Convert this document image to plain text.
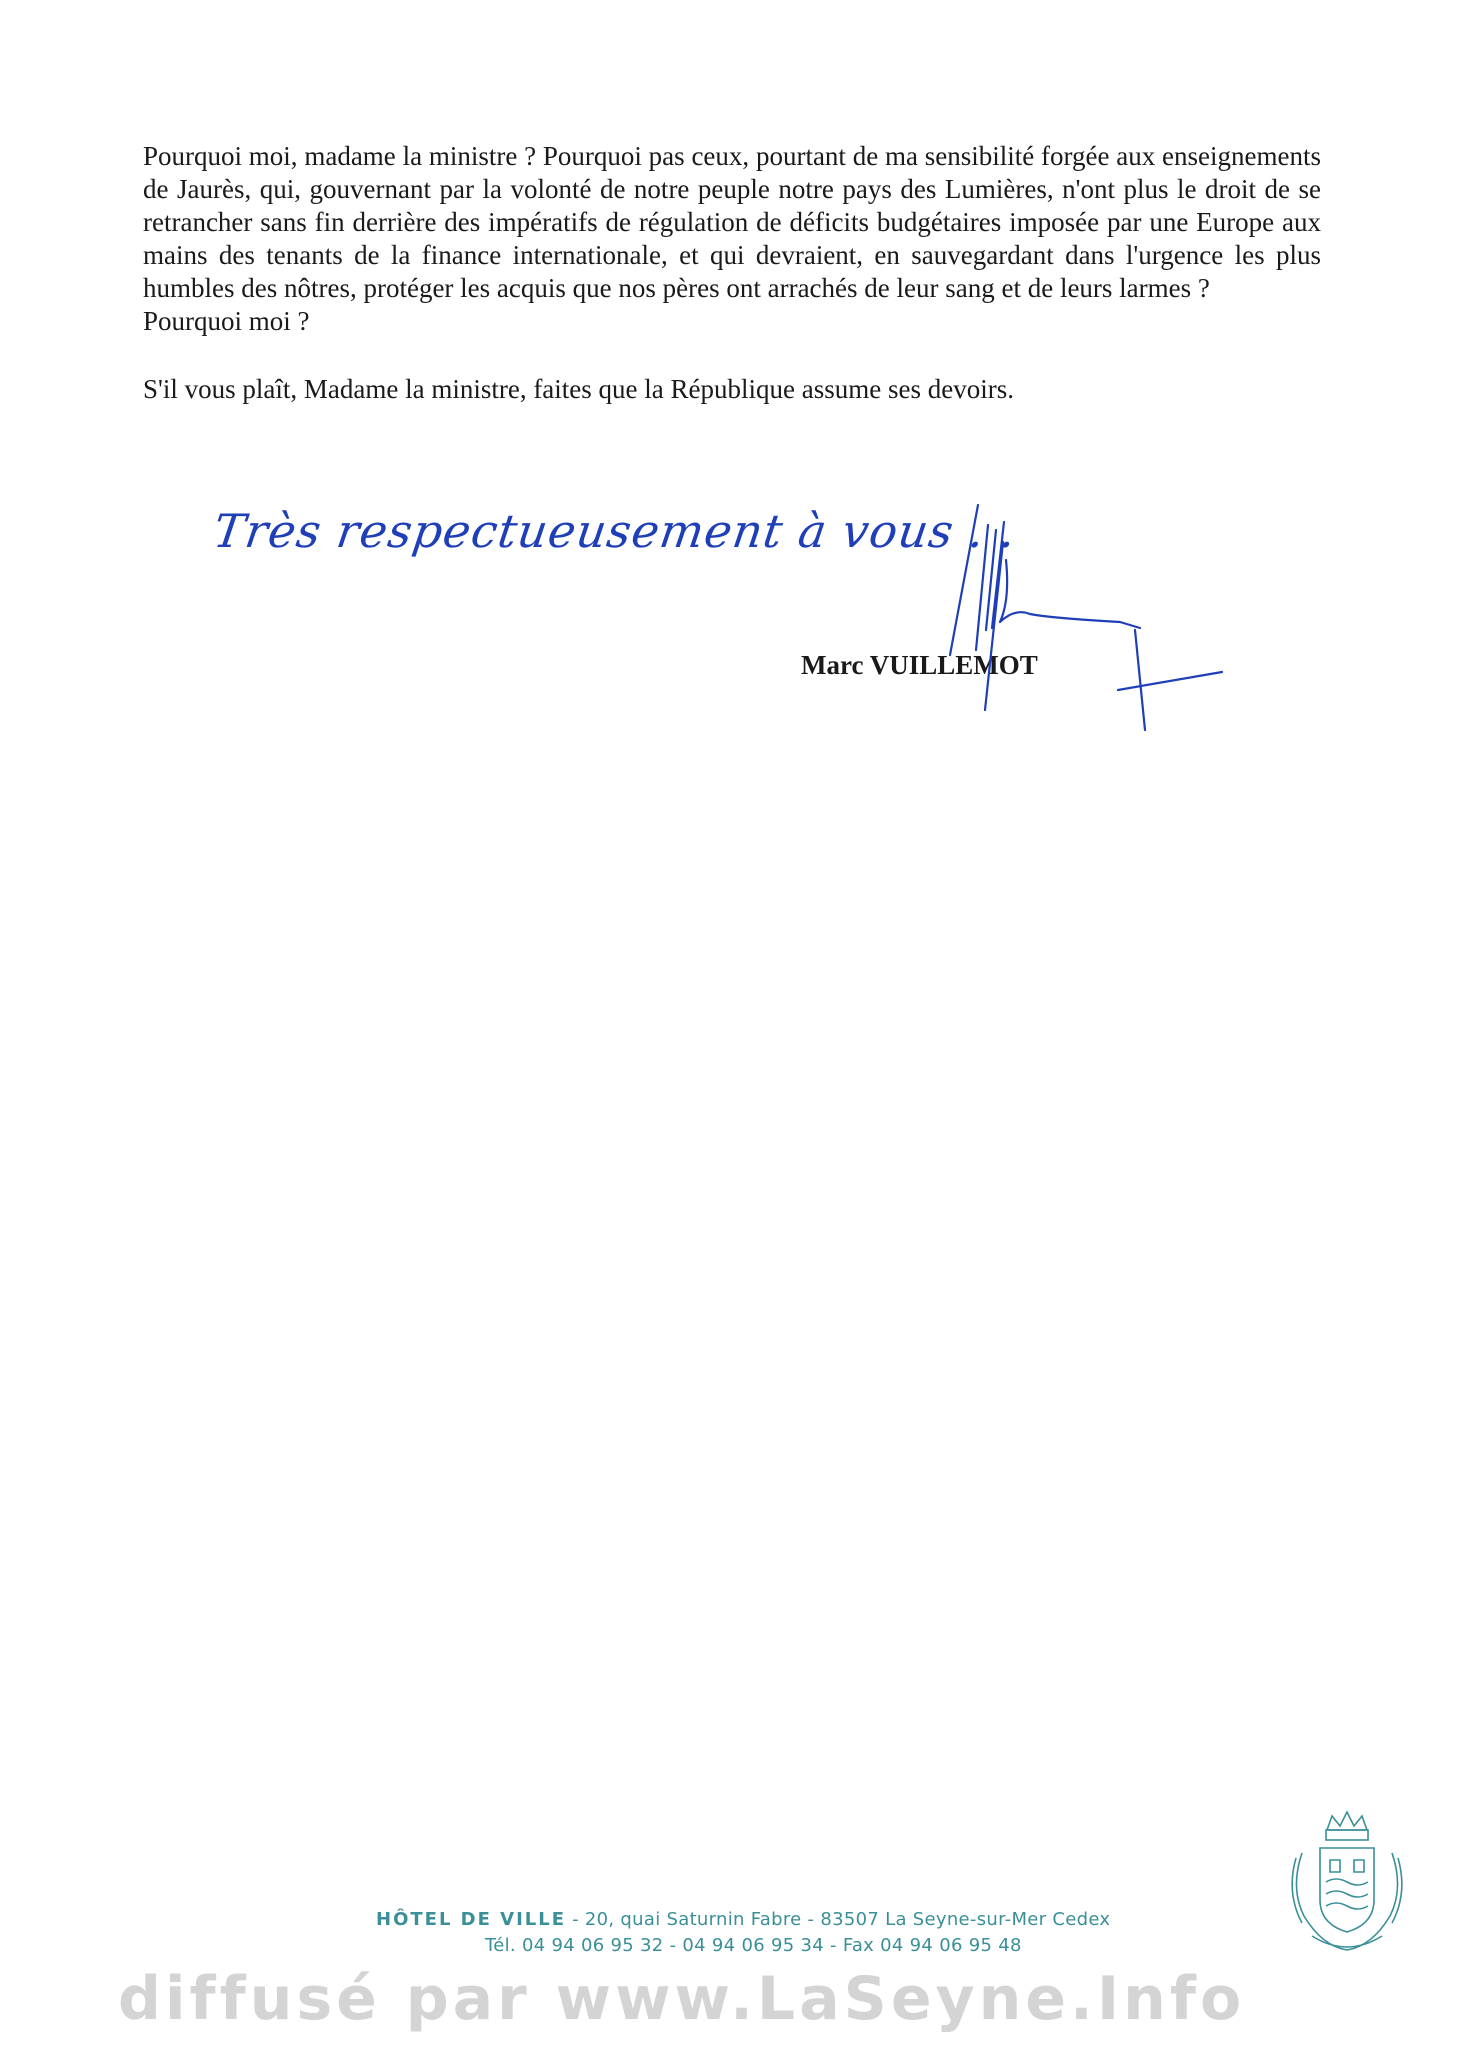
Pourquoi moi, madame la ministre ? Pourquoi pas ceux, pourtant de ma sensibilité forgée aux enseignements de Jaurès, qui, gouvernant par la volonté de notre peuple notre pays des Lumières, n'ont plus le droit de se retrancher sans fin derrière des impératifs de régulation de déficits budgétaires imposée par une Europe aux mains des tenants de la finance internationale, et qui devraient, en sauvegardant dans l'urgence les plus humbles des nôtres, protéger les acquis que nos pères ont arrachés de leur sang et de leurs larmes ?

Pourquoi moi ?

S'il vous plaît, Madame la ministre, faites que la République assume ses devoirs.

Très respectueusement à vous . .
Marc VUILLEMOT
HÔTEL DE VILLE - 20, quai Saturnin Fabre - 83507 La Seyne-sur-Mer Cedex
Tél. 04 94 06 95 32 - 04 94 06 95 34 - Fax 04 94 06 95 48
diffusé par www.LaSeyne.Info
